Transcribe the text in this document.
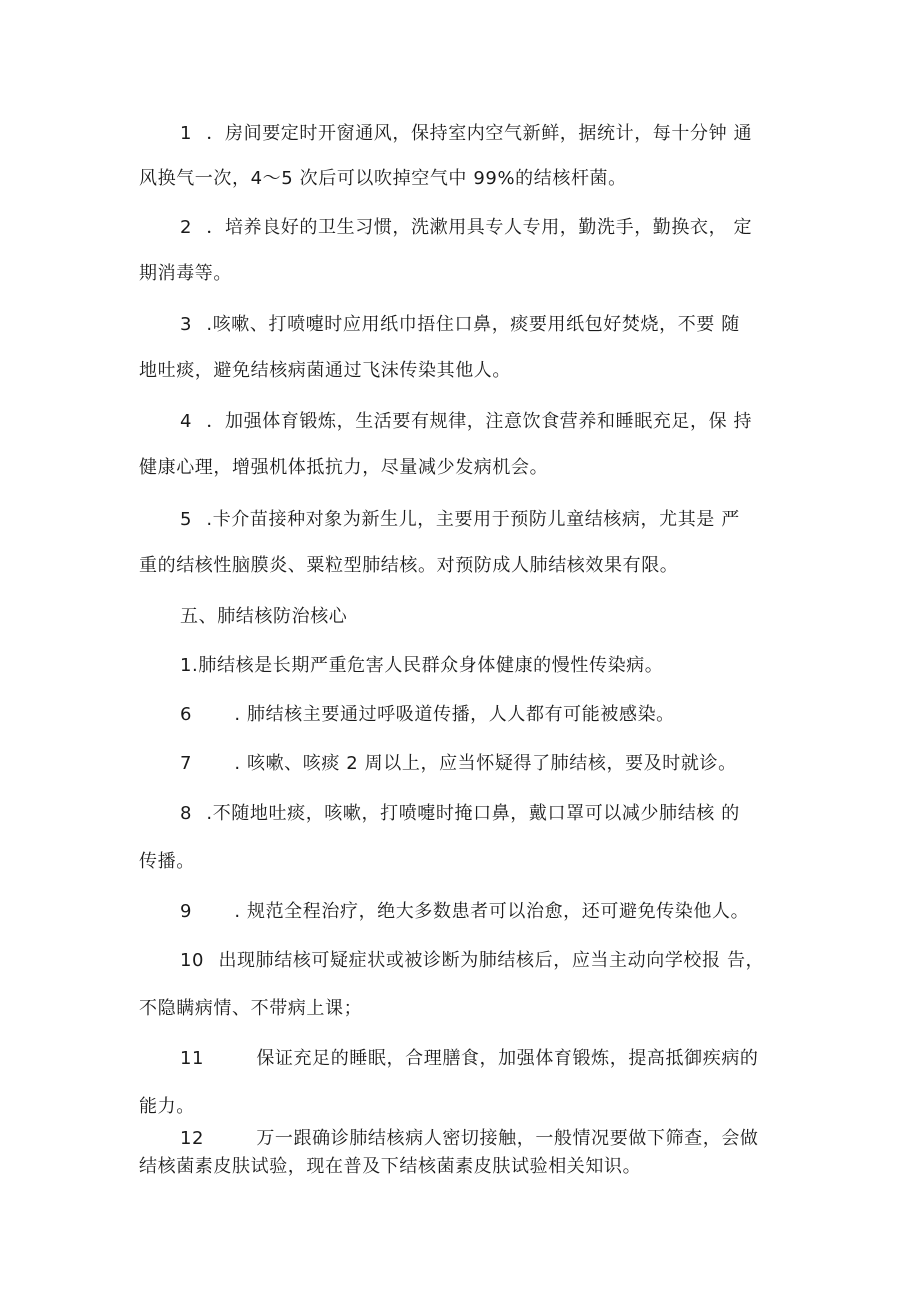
1 ．房间要定时开窗通风，保持室内空气新鲜，据统计，每十分钟 通
风换气一次，4～5 次后可以吹掉空气中 99%的结核杆菌。
2 ．培养良好的卫生习惯，洗漱用具专人专用，勤洗手，勤换衣， 定
期消毒等。
3 .咳嗽、打喷嚏时应用纸巾捂住口鼻，痰要用纸包好焚烧，不要 随
地吐痰，避免结核病菌通过飞沫传染其他人。
4 ．加强体育锻炼，生活要有规律，注意饮食营养和睡眠充足，保 持
健康心理，增强机体抵抗力，尽量减少发病机会。
5 .卡介苗接种对象为新生儿，主要用于预防儿童结核病，尤其是 严
重的结核性脑膜炎、粟粒型肺结核。对预防成人肺结核效果有限。
五、肺结核防治核心
1.肺结核是长期严重危害人民群众身体健康的慢性传染病。
6 . 肺结核主要通过呼吸道传播，人人都有可能被感染。
7 . 咳嗽、咳痰 2 周以上，应当怀疑得了肺结核，要及时就诊。
8 .不随地吐痰，咳嗽，打喷嚏时掩口鼻，戴口罩可以减少肺结核 的
传播。
9 . 规范全程治疗，绝大多数患者可以治愈，还可避免传染他人。
10 出现肺结核可疑症状或被诊断为肺结核后，应当主动向学校报 告，
不隐瞒病情、不带病上课；
11	保证充足的睡眠，合理膳食，加强体育锻炼，提高抵御疾病的
能力。
12	万一跟确诊肺结核病人密切接触，一般情况要做下筛查，会做
结核菌素皮肤试验，现在普及下结核菌素皮肤试验相关知识。
